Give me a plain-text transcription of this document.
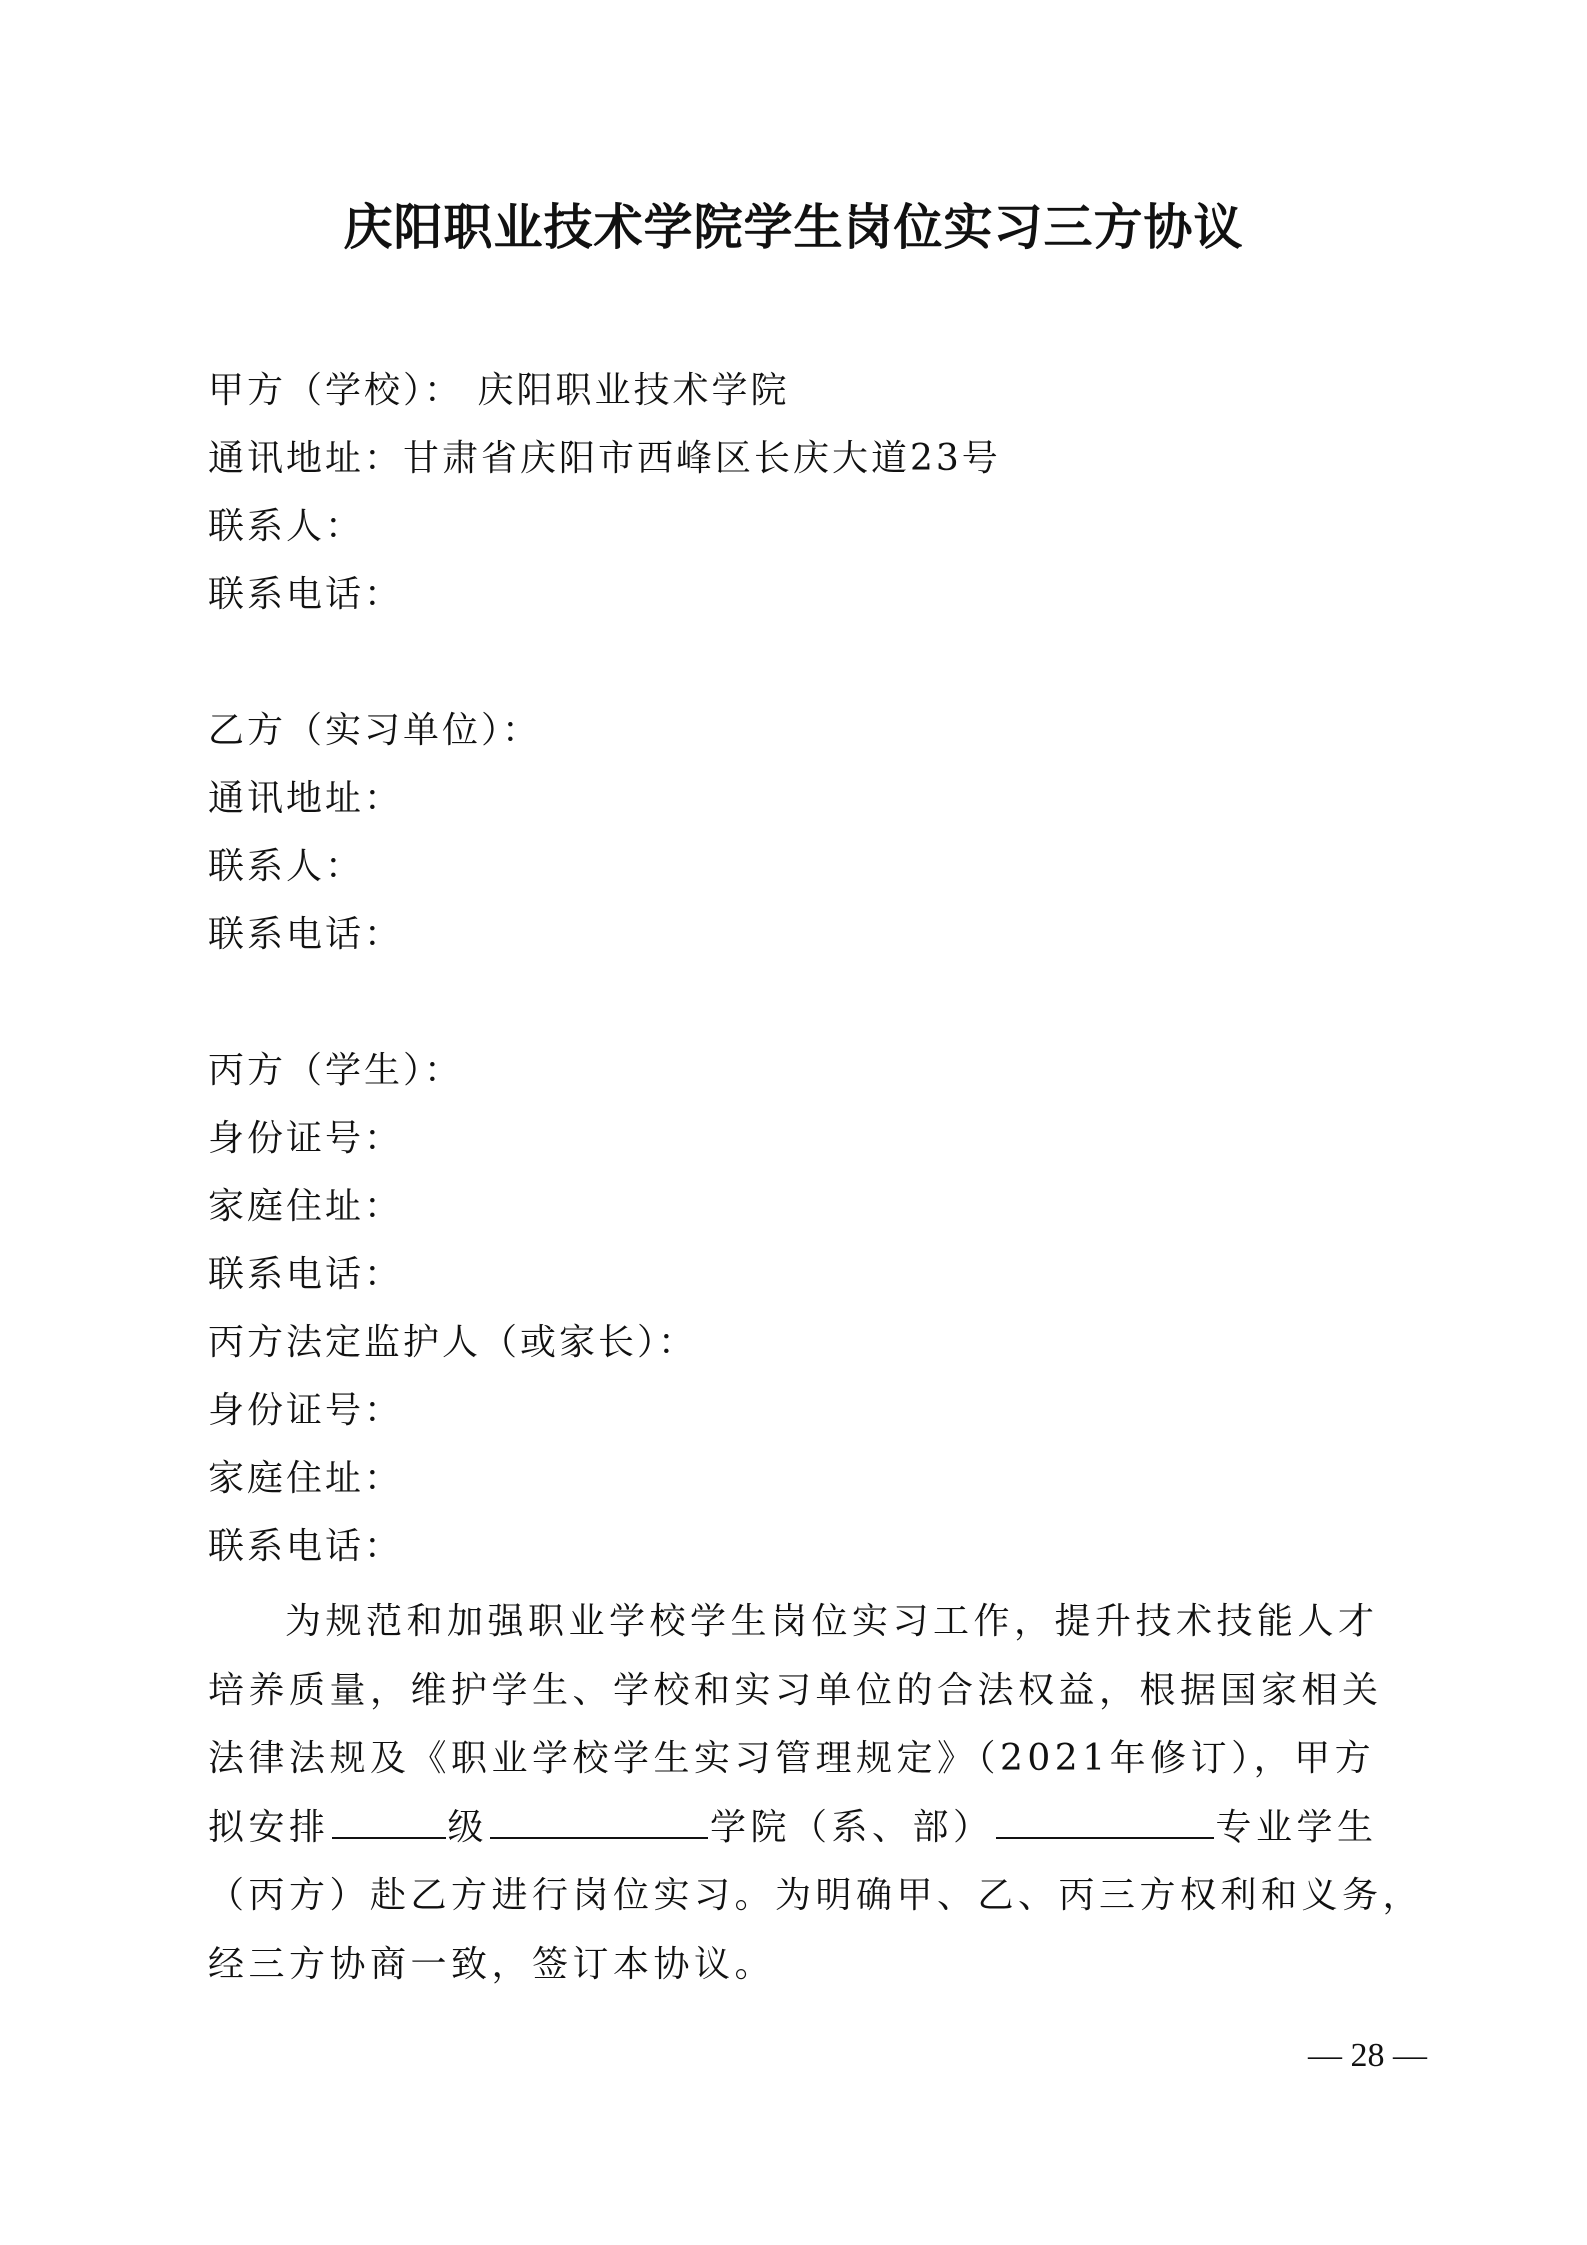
庆阳职业技术学院学生岗位实习三方协议
甲方（学校）： 庆阳职业技术学院
通讯地址：甘肃省庆阳市西峰区长庆大道23号
联系人：
联系电话：
乙方（实习单位）：
通讯地址：
联系人：
联系电话：
丙方（学生）：
身份证号：
家庭住址：
联系电话：
丙方法定监护人（或家长）：
身份证号：
家庭住址：
联系电话：
为规范和加强职业学校学生岗位实习工作，提升技术技能人才
培养质量，维护学生、学校和实习单位的合法权益，根据国家相关
法律法规及《职业学校学生实习管理规定》（2021年修订），甲方
拟安排	级	学院（系、部）	专业学生
（丙方）赴乙方进行岗位实习。为明确甲、乙、丙三方权利和义务，
经三方协商一致，签订本协议。
— 28 —
